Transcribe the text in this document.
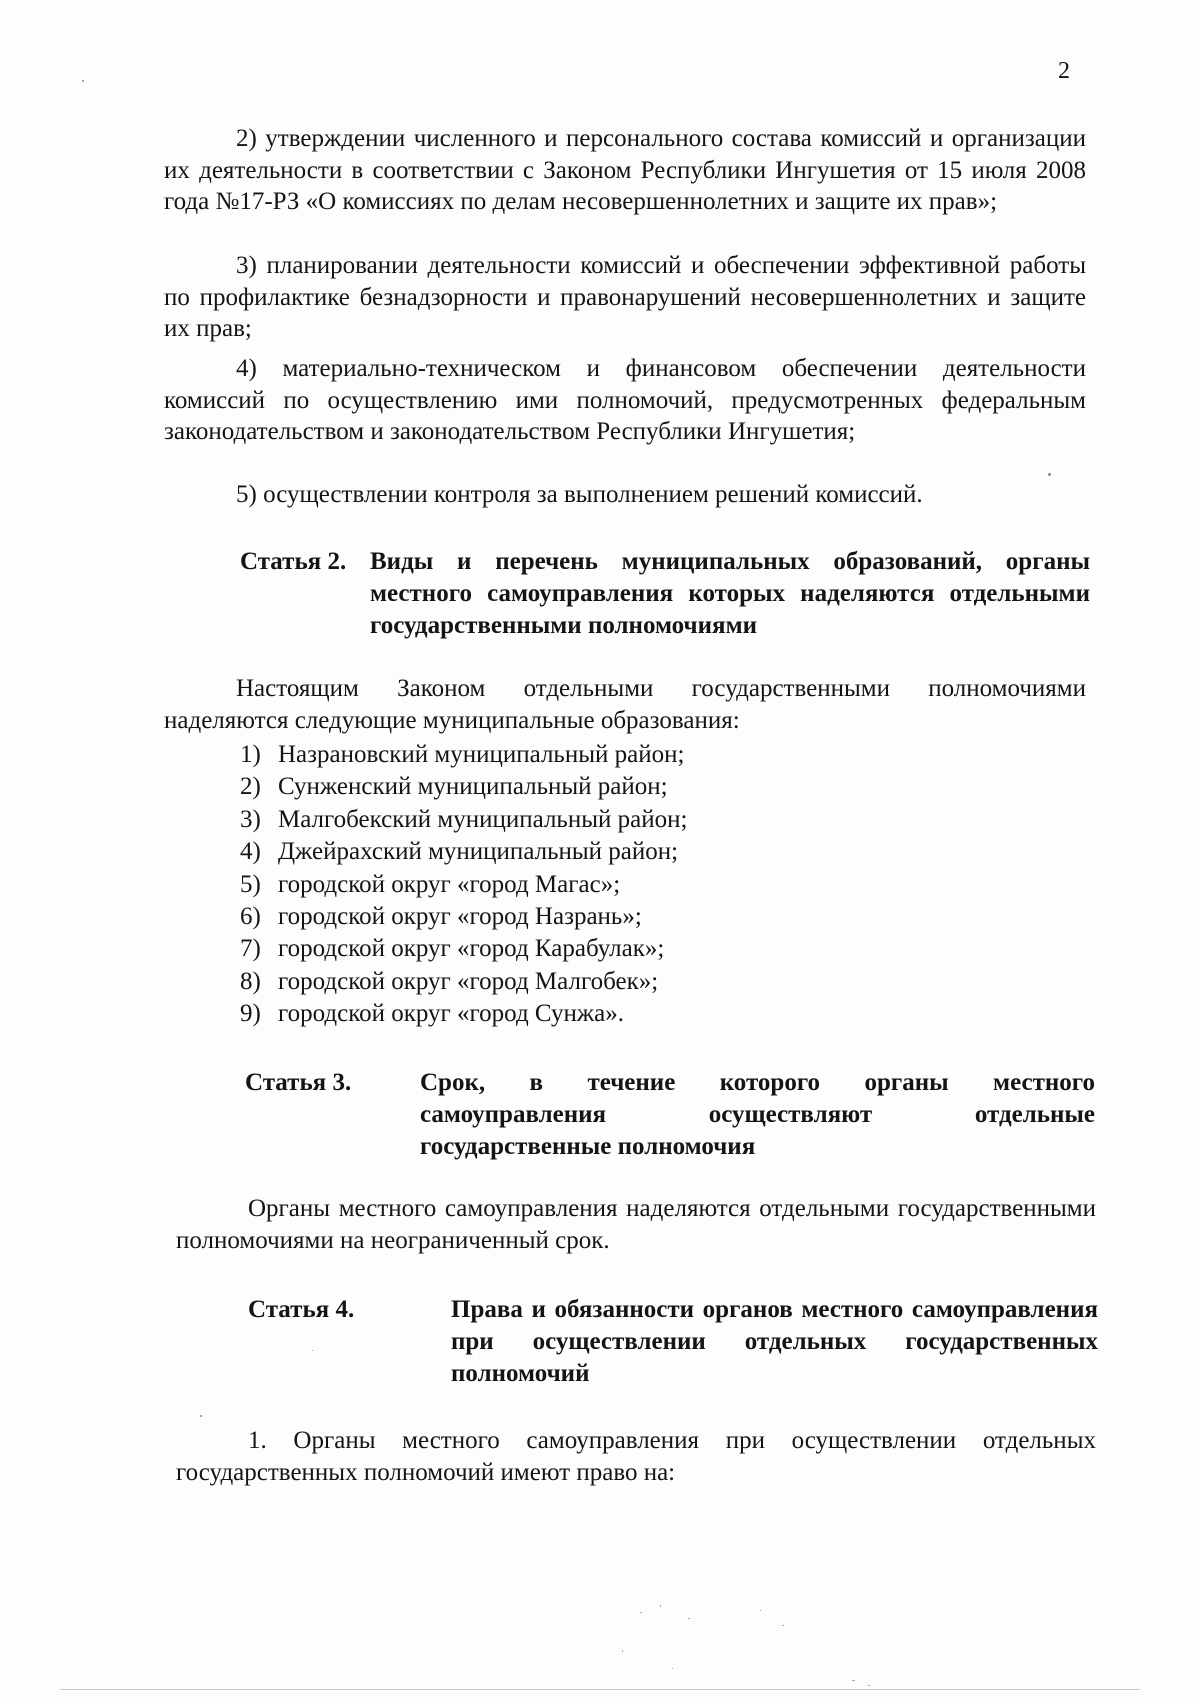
2
2) утверждении численного и персонального состава комиссий и организации их деятельности в соответствии с Законом Республики Ингушетия от 15 июля 2008 года №17-РЗ «О комиссиях по делам несовершеннолетних и защите их прав»;
3) планировании деятельности комиссий и обеспечении эффективной работы по профилактике безнадзорности и правонарушений несовершеннолетних и защите их прав;
4) материально-техническом и финансовом обеспечении деятельности комиссий по осуществлению ими полномочий, предусмотренных федеральным законодательством и законодательством Республики Ингушетия;
5) осуществлении контроля за выполнением решений комиссий.
Статья 2. Виды и перечень муниципальных образований, органы местного самоуправления которых наделяются отдельными государственными полномочиями
Настоящим Законом отдельными государственными полномочиями наделяются следующие муниципальные образования:
1) Назрановский муниципальный район;
2) Сунженский муниципальный район;
3) Малгобекский муниципальный район;
4) Джейрахский муниципальный район;
5) городской округ «город Магас»;
6) городской округ «город Назрань»;
7) городской округ «город Карабулак»;
8) городской округ «город Малгобек»;
9) городской округ «город Сунжа».
Статья 3.	Срок, в течение которого органы местного самоуправления осуществляют отдельные государственные полномочия
Органы местного самоуправления наделяются отдельными государственными полномочиями на неограниченный срок.
Статья 4.	Права и обязанности органов местного самоуправления при осуществлении отдельных государственных полномочий
1. Органы местного самоуправления при осуществлении отдельных государственных полномочий имеют право на:
